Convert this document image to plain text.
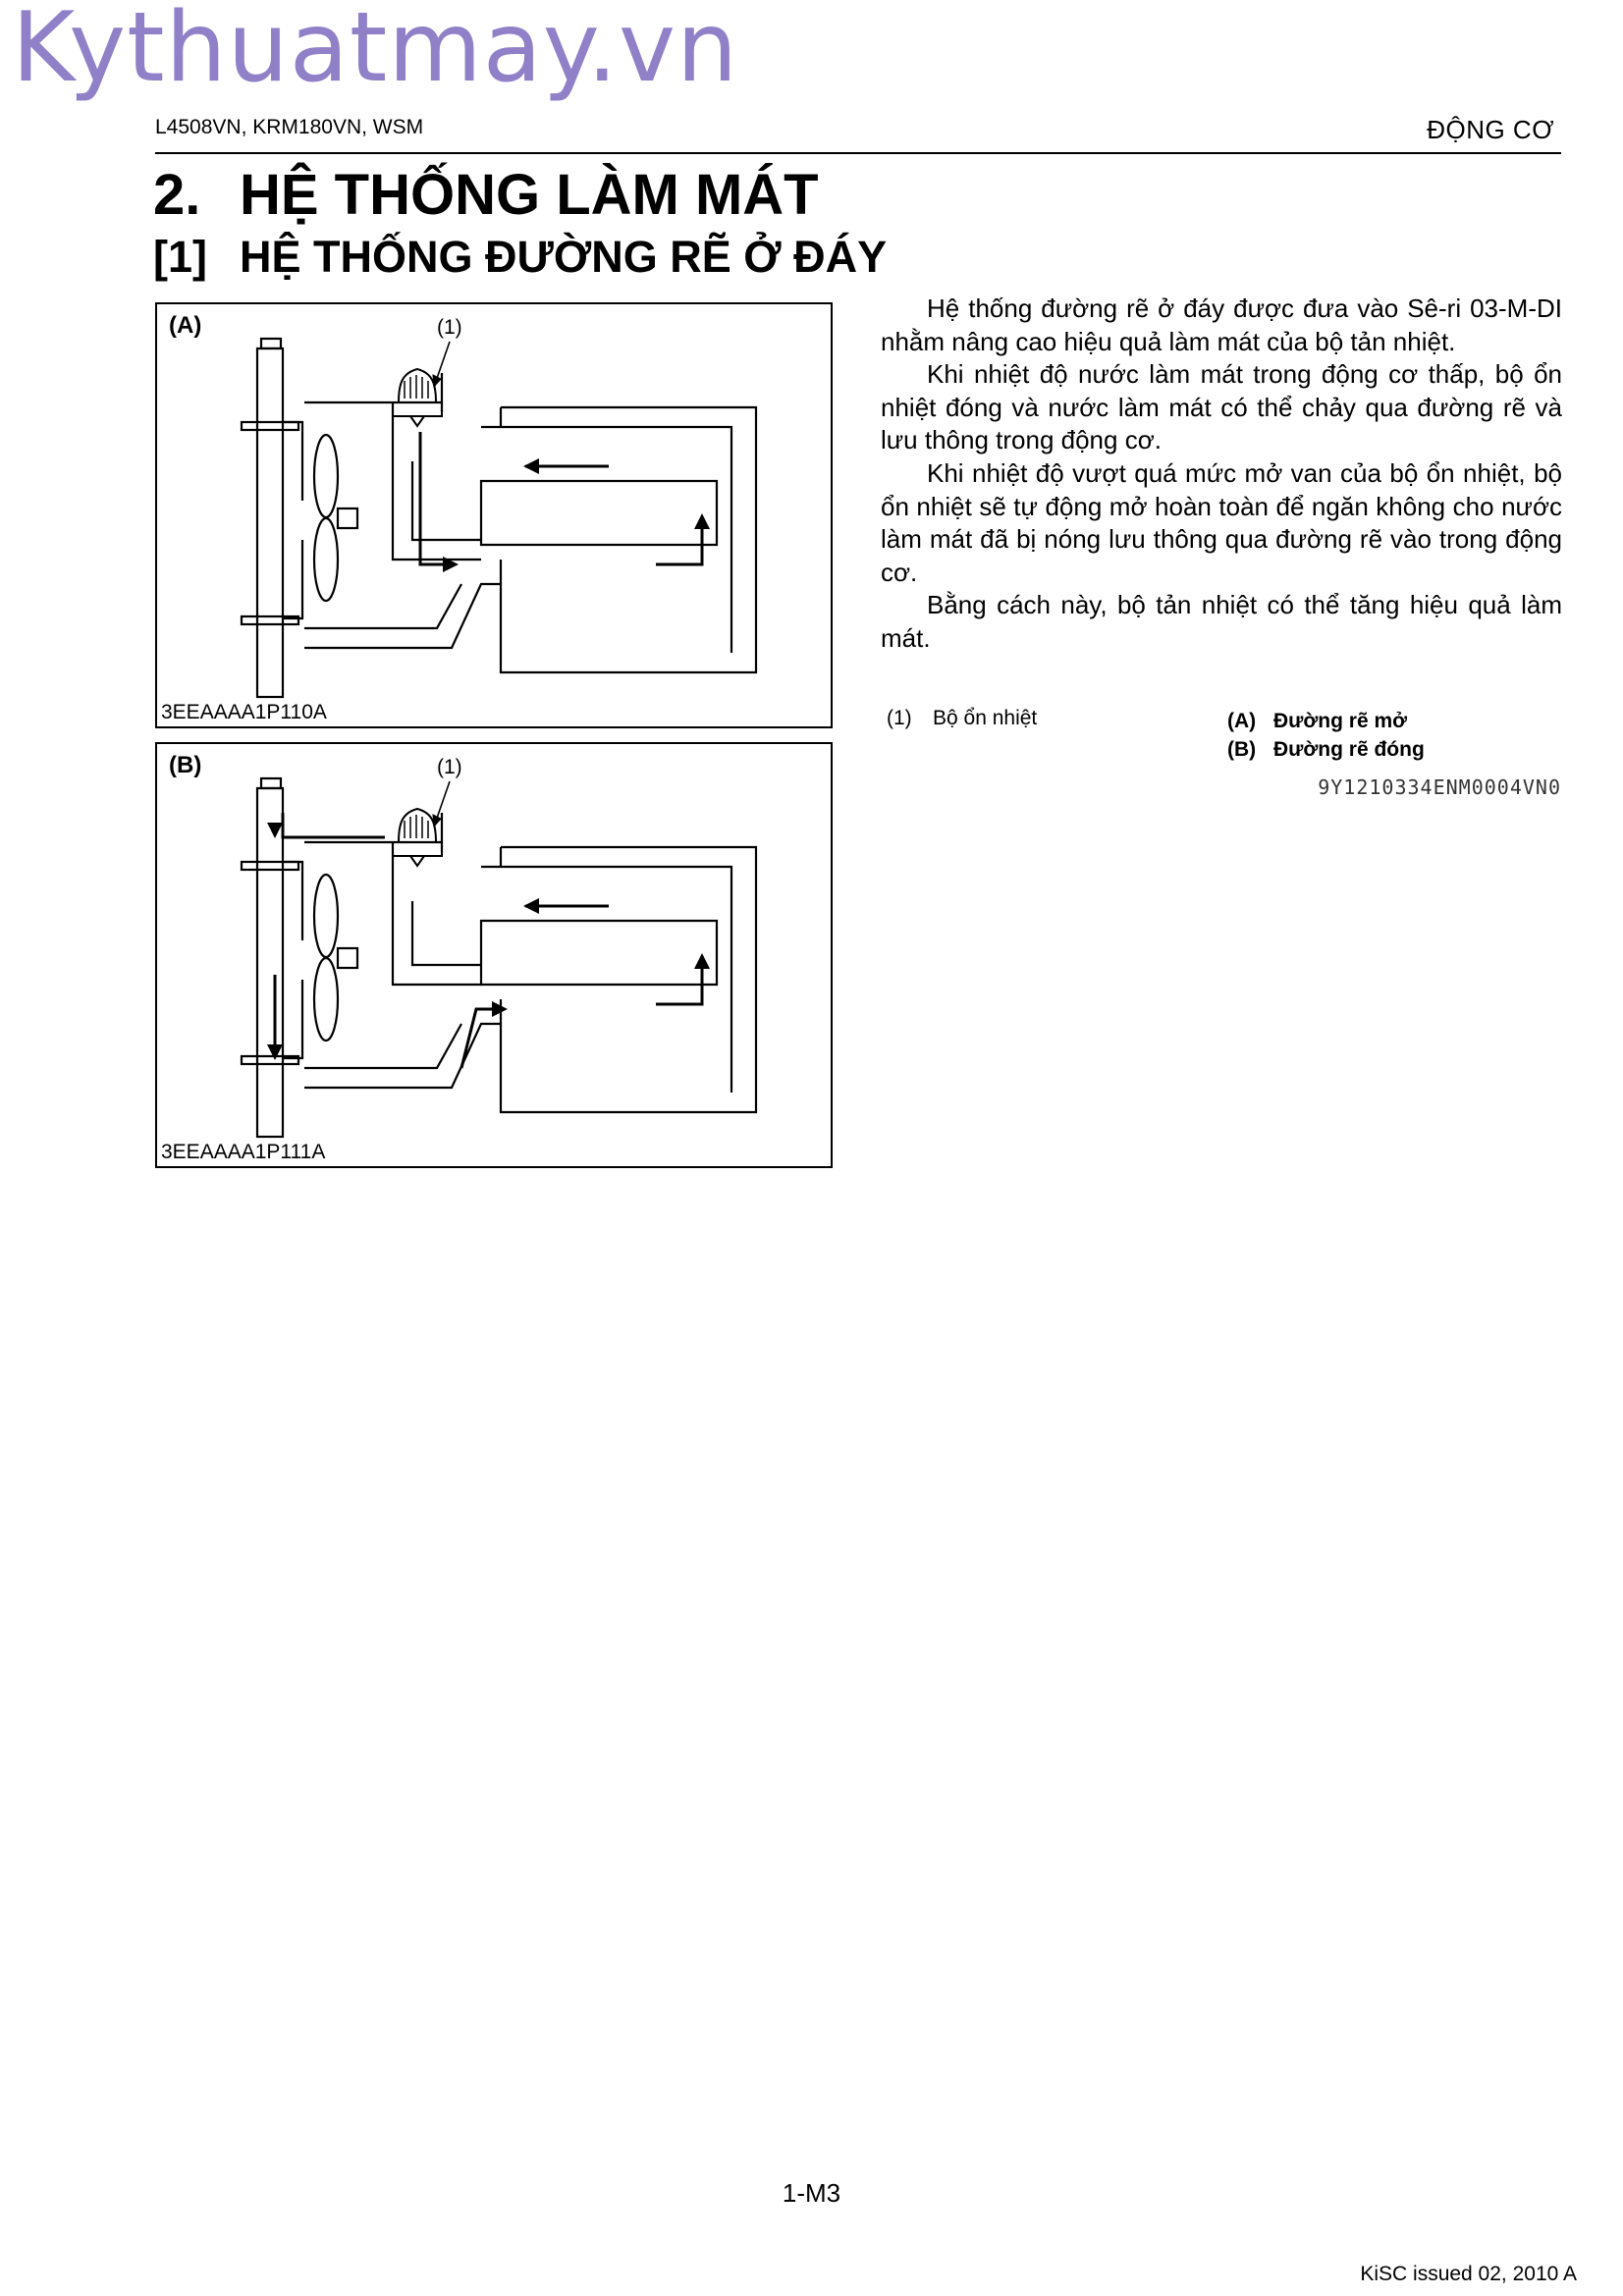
Kythuatmay.vn
L4508VN, KRM180VN, WSM	ĐỘNG CƠ
2. HỆ THỐNG LÀM MÁT
[1] HỆ THỐNG ĐƯỜNG RẼ Ở ĐÁY
(A)	(1)
3EEAAAA1P110A
(B)	(1)
3EEAAAA1P111A

Hệ thống đường rẽ ở đáy được đưa vào Sê-ri 03-M-DI nhằm nâng cao hiệu quả làm mát của bộ tản nhiệt.

Khi nhiệt độ nước làm mát trong động cơ thấp, bộ ổn nhiệt đóng và nước làm mát có thể chảy qua đường rẽ và lưu thông trong động cơ.

Khi nhiệt độ vượt quá mức mở van của bộ ổn nhiệt, bộ ổn nhiệt sẽ tự động mở hoàn toàn để ngăn không cho nước làm mát đã bị nóng lưu thông qua đường rẽ vào trong động cơ.

Bằng cách này, bộ tản nhiệt có thể tăng hiệu quả làm mát.

(1) Bộ ổn nhiệt	(A) Đường rẽ mở
(B) Đường rẽ đóng
9Y1210334ENM0004VN0
1-M3
KiSC issued 02, 2010 A
